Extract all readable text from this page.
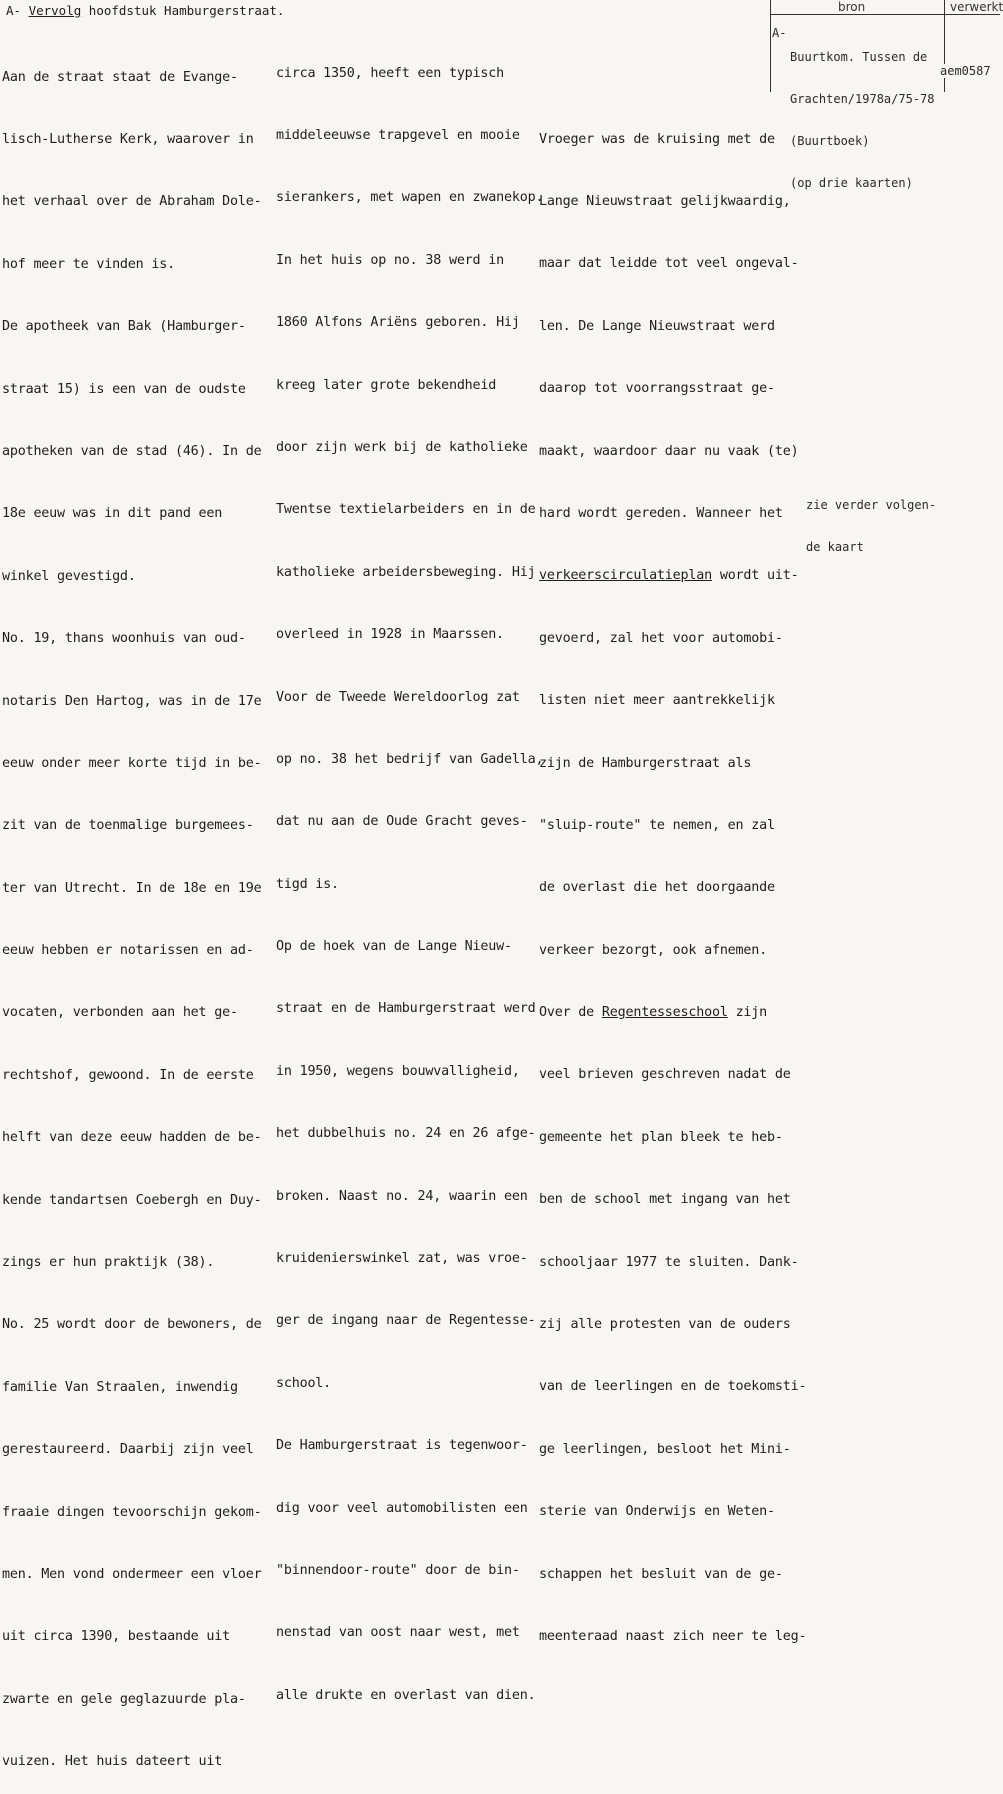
A- Vervolg hoofdstuk Hamburgerstraat.	bron	verwerkt
A-

Buurtkom. Tussen de

Grachten/1978a/75-78

(Buurtboek)

(op drie kaarten)

aem0587

Aan de straat staat de Evange-

lisch-Lutherse Kerk, waarover in

het verhaal over de Abraham Dole-

hof meer te vinden is.

De apotheek van Bak (Hamburger-

straat 15) is een van de oudste

apotheken van de stad (46). In de

18e eeuw was in dit pand een

winkel gevestigd.

No. 19, thans woonhuis van oud-

notaris Den Hartog, was in de 17e

eeuw onder meer korte tijd in be-

zit van de toenmalige burgemees-

ter van Utrecht. In de 18e en 19e

eeuw hebben er notarissen en ad-

vocaten, verbonden aan het ge-

rechtshof, gewoond. In de eerste

helft van deze eeuw hadden de be-

kende tandartsen Coebergh en Duy-

zings er hun praktijk (38).

No. 25 wordt door de bewoners, de

familie Van Straalen, inwendig

gerestaureerd. Daarbij zijn veel

fraaie dingen tevoorschijn gekom-

men. Men vond ondermeer een vloer

uit circa 1390, bestaande uit

zwarte en gele geglazuurde pla-

vuizen. Het huis dateert uit

circa 1350, heeft een typisch

middeleeuwse trapgevel en mooie

sierankers, met wapen en zwanekop.

In het huis op no. 38 werd in

1860 Alfons Ariëns geboren. Hij

kreeg later grote bekendheid

door zijn werk bij de katholieke

Twentse textielarbeiders en in de

katholieke arbeidersbeweging. Hij

overleed in 1928 in Maarssen.

Voor de Tweede Wereldoorlog zat

op no. 38 het bedrijf van Gadella,

dat nu aan de Oude Gracht geves-

tigd is.

Op de hoek van de Lange Nieuw-

straat en de Hamburgerstraat werd

in 1950, wegens bouwvalligheid,

het dubbelhuis no. 24 en 26 afge-

broken. Naast no. 24, waarin een

kruidenierswinkel zat, was vroe-

ger de ingang naar de Regentesse-

school.

De Hamburgerstraat is tegenwoor-

dig voor veel automobilisten een

"binnendoor-route" door de bin-

nenstad van oost naar west, met

alle drukte en overlast van dien.

Vroeger was de kruising met de

Lange Nieuwstraat gelijkwaardig,

maar dat leidde tot veel ongeval-

len. De Lange Nieuwstraat werd

daarop tot voorrangsstraat ge-

maakt, waardoor daar nu vaak (te)

hard wordt gereden. Wanneer het

verkeerscirculatieplan wordt uit-

gevoerd, zal het voor automobi-

listen niet meer aantrekkelijk

zijn de Hamburgerstraat als

"sluip-route" te nemen, en zal

de overlast die het doorgaande

verkeer bezorgt, ook afnemen.

Over de Regentesseschool zijn

veel brieven geschreven nadat de

gemeente het plan bleek te heb-

ben de school met ingang van het

schooljaar 1977 te sluiten. Dank-

zij alle protesten van de ouders

van de leerlingen en de toekomsti-

ge leerlingen, besloot het Mini-

sterie van Onderwijs en Weten-

schappen het besluit van de ge-

meenteraad naast zich neer te leg-

zie verder volgen-

de kaart
